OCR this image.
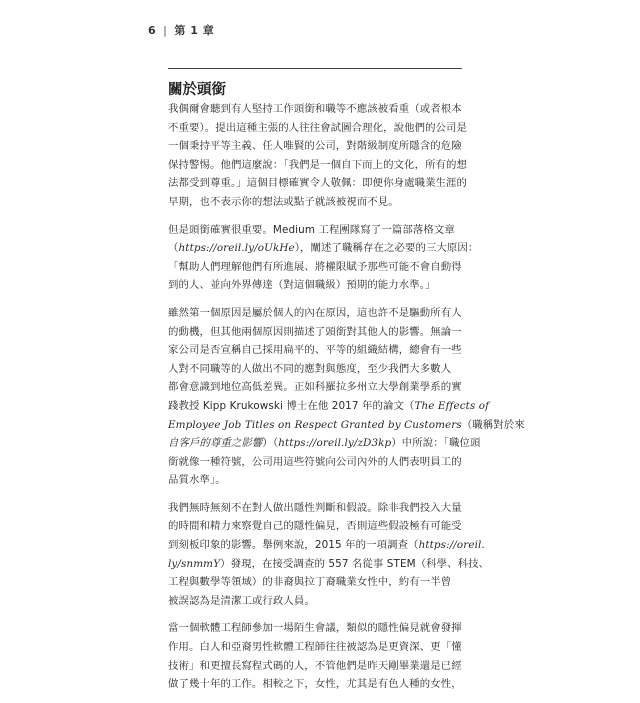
6 | 第 1 章
關於頭銜
我偶爾會聽到有人堅持工作頭銜和職等不應該被看重（或者根本
不重要）。提出這種主張的人往往會試圖合理化，說他們的公司是
一個秉持平等主義、任人唯賢的公司，對階級制度所隱含的危險
保持警惕。他們這麼說：「我們是一個自下而上的文化，所有的想
法都受到尊重。」這個目標確實令人敬佩：即便你身處職業生涯的
早期，也不表示你的想法或點子就該被視而不見。
但是頭銜確實很重要。Medium 工程團隊寫了一篇部落格文章
（https://oreil.ly/oUkHe），闡述了職稱存在之必要的三大原因：
「幫助人們理解他們有所進展、將權限賦予那些可能不會自動得
到的人、並向外界傳達（對這個職級）預期的能力水準。」
雖然第一個原因是屬於個人的內在原因，這也許不是驅動所有人
的動機，但其他兩個原因則描述了頭銜對其他人的影響。無論一
家公司是否宣稱自己採用扁平的、平等的組織結構，總會有一些
人對不同職等的人做出不同的應對與態度，至少我們大多數人
都會意識到地位高低差異。正如科羅拉多州立大學創業學系的實
踐教授 Kipp Krukowski 博士在他 2017 年的論文（The Effects of
Employee Job Titles on Respect Granted by Customers（職稱對於來
自客戶的尊重之影響）（https://oreil.ly/zD3kp）中所說：「職位頭
銜就像一種符號，公司用這些符號向公司內外的人們表明員工的
品質水準」。
我們無時無刻不在對人做出隱性判斷和假設。除非我們投入大量
的時間和精力來察覺自己的隱性偏見，否則這些假設極有可能受
到刻板印象的影響。舉例來說，2015 年的一項調查（https://oreil.
ly/snmmY）發現，在接受調查的 557 名從事 STEM（科學、科技、
工程與數學等領域）的非裔與拉丁裔職業女性中，約有一半曾
被誤認為是清潔工或行政人員。
當一個軟體工程師參加一場陌生會議，類似的隱性偏見就會發揮
作用。白人和亞裔男性軟體工程師往往被認為是更資深、更「懂
技術」和更擅長寫程式碼的人，不管他們是昨天剛畢業還是已經
做了幾十年的工作。相較之下，女性，尤其是有色人種的女性，
